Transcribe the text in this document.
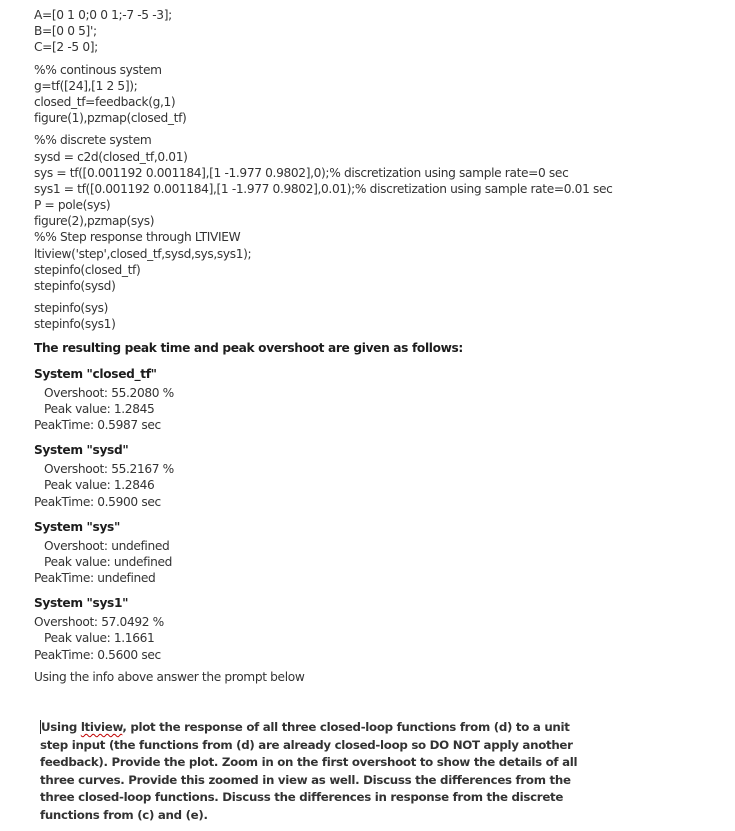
A=[0 1 0;0 0 1;-7 -5 -3];
B=[0 0 5]';
C=[2 -5 0];
%% continous system
g=tf([24],[1 2 5]);
closed_tf=feedback(g,1)
figure(1),pzmap(closed_tf)
%% discrete system
sysd = c2d(closed_tf,0.01)
sys = tf([0.001192 0.001184],[1 -1.977 0.9802],0);% discretization using sample rate=0 sec
sys1 = tf([0.001192 0.001184],[1 -1.977 0.9802],0.01);% discretization using sample rate=0.01 sec
P = pole(sys)
figure(2),pzmap(sys)
%% Step response through LTIVIEW
ltiview('step',closed_tf,sysd,sys,sys1);
stepinfo(closed_tf)
stepinfo(sysd)
stepinfo(sys)
stepinfo(sys1)
The resulting peak time and peak overshoot are given as follows:
System "closed_tf"
Overshoot: 55.2080 %
Peak value: 1.2845
PeakTime: 0.5987 sec
System "sysd"
Overshoot: 55.2167 %
Peak value: 1.2846
PeakTime: 0.5900 sec
System "sys"
Overshoot: undefined
Peak value: undefined
PeakTime: undefined
System "sys1"
Overshoot: 57.0492 %
Peak value: 1.1661
PeakTime: 0.5600 sec
Using the info above answer the prompt below
Using ltiview, plot the response of all three closed-loop functions from (d) to a unit step input (the functions from (d) are already closed-loop so DO NOT apply another feedback). Provide the plot. Zoom in on the first overshoot to show the details of all three curves. Provide this zoomed in view as well. Discuss the differences from the three closed-loop functions. Discuss the differences in response from the discrete functions from (c) and (e).
